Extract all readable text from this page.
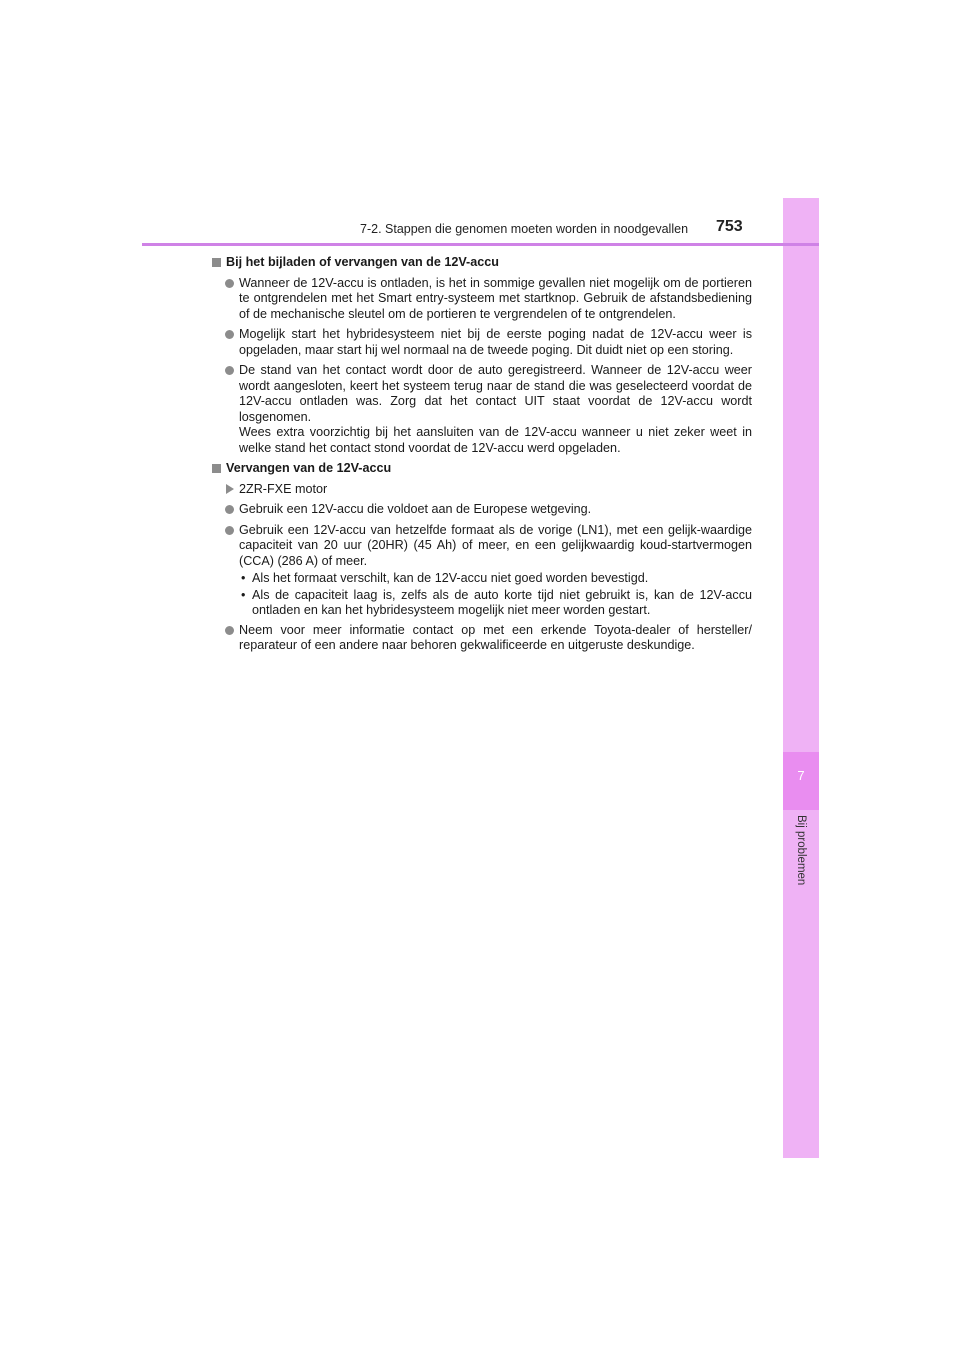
7
Bij problemen
7-2. Stappen die genomen moeten worden in noodgevallen 753
Bij het bijladen of vervangen van de 12V-accu
Wanneer de 12V-accu is ontladen, is het in sommige gevallen niet mogelijk om de portieren te ontgrendelen met het Smart entry-systeem met startknop. Gebruik de afstandsbediening of de mechanische sleutel om de portieren te vergrendelen of te ontgrendelen.
Mogelijk start het hybridesysteem niet bij de eerste poging nadat de 12V-accu weer is opgeladen, maar start hij wel normaal na de tweede poging. Dit duidt niet op een storing.
De stand van het contact wordt door de auto geregistreerd. Wanneer de 12V-accu weer wordt aangesloten, keert het systeem terug naar de stand die was geselecteerd voordat de 12V-accu ontladen was. Zorg dat het contact UIT staat voordat de 12V-accu wordt losgenomen.
Wees extra voorzichtig bij het aansluiten van de 12V-accu wanneer u niet zeker weet in welke stand het contact stond voordat de 12V-accu werd opgeladen.
Vervangen van de 12V-accu
2ZR-FXE motor
Gebruik een 12V-accu die voldoet aan de Europese wetgeving.
Gebruik een 12V-accu van hetzelfde formaat als de vorige (LN1), met een gelijk-waardige capaciteit van 20 uur (20HR) (45 Ah) of meer, en een gelijkwaardig koud-startvermogen (CCA) (286 A) of meer.
• Als het formaat verschilt, kan de 12V-accu niet goed worden bevestigd.
• Als de capaciteit laag is, zelfs als de auto korte tijd niet gebruikt is, kan de 12V-accu ontladen en kan het hybridesysteem mogelijk niet meer worden gestart.
Neem voor meer informatie contact op met een erkende Toyota-dealer of hersteller/ reparateur of een andere naar behoren gekwalificeerde en uitgeruste deskundige.
